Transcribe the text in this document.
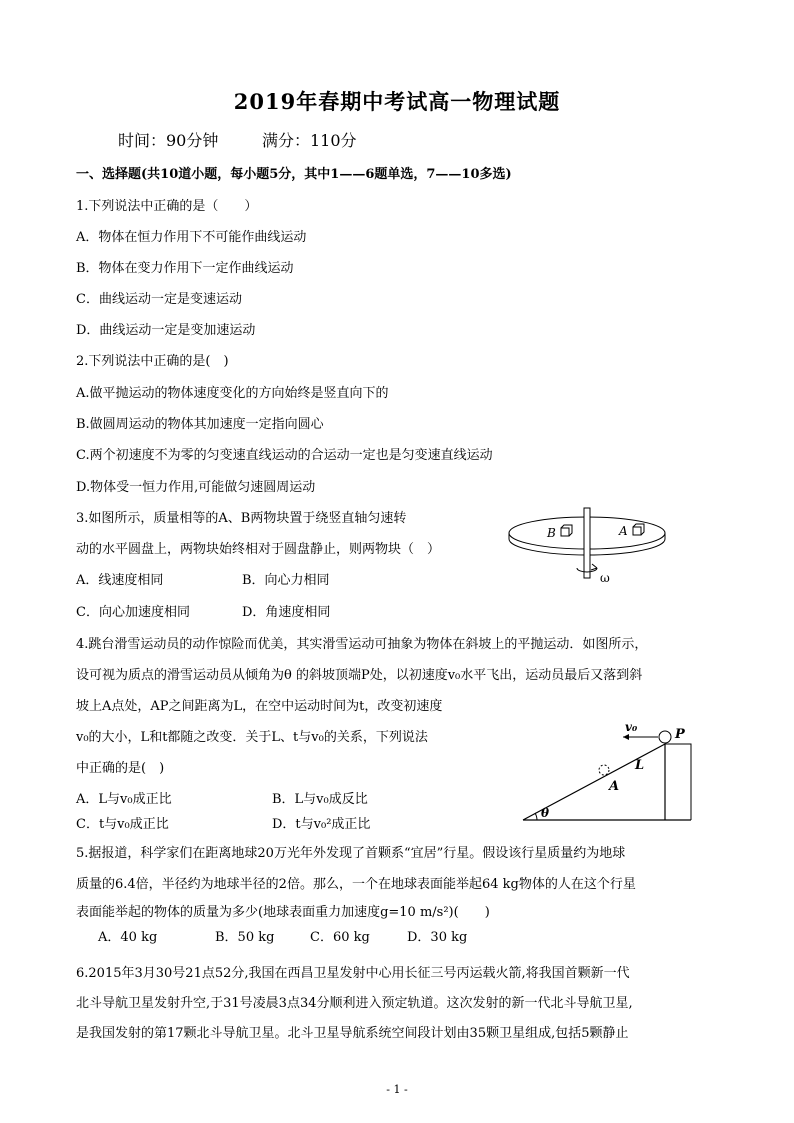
2019年春期中考试高一物理试题
时间：90分钟	满分：110分
一、选择题(共10道小题，每小题5分，其中1——6题单选，7——10多选)
1.下列说法中正确的是（　　）
A．物体在恒力作用下不可能作曲线运动
B．物体在变力作用下一定作曲线运动
C．曲线运动一定是变速运动
D．曲线运动一定是变加速运动
2.下列说法中正确的是(　)
A.做平抛运动的物体速度变化的方向始终是竖直向下的
B.做圆周运动的物体其加速度一定指向圆心
C.两个初速度不为零的匀变速直线运动的合运动一定也是匀变速直线运动
D.物体受一恒力作用,可能做匀速圆周运动
3.如图所示，质量相等的A、B两物块置于绕竖直轴匀速转
动的水平圆盘上，两物块始终相对于圆盘静止，则两物块（　）
A．线速度相同	B．向心力相同
C．向心加速度相同	D．角速度相同
B	A
ω
4.跳台滑雪运动员的动作惊险而优美，其实滑雪运动可抽象为物体在斜坡上的平抛运动．如图所示，
设可视为质点的滑雪运动员从倾角为θ 的斜坡顶端P处，以初速度v₀水平飞出，运动员最后又落到斜
坡上A点处，AP之间距离为L，在空中运动时间为t，改变初速度
v₀的大小，L和t都随之改变．关于L、t与v₀的关系，下列说法
中正确的是(　)
A．L与v₀成正比	B．L与v₀成反比
C．t与v₀成正比	D．t与v₀²成正比
θ
v₀	P
A
L
5.据报道，科学家们在距离地球20万光年外发现了首颗系“宜居”行星。假设该行星质量约为地球
质量的6.4倍，半径约为地球半径的2倍。那么，一个在地球表面能举起64 kg物体的人在这个行星
表面能举起的物体的质量为多少(地球表面重力加速度g=10 m/s²)(　　)
A．40 kg	B．50 kg	C．60 kg	D．30 kg
6.2015年3月30号21点52分,我国在西昌卫星发射中心用长征三号丙运载火箭,将我国首颗新一代
北斗导航卫星发射升空,于31号凌晨3点34分顺利进入预定轨道。这次发射的新一代北斗导航卫星,
是我国发射的第17颗北斗导航卫星。北斗卫星导航系统空间段计划由35颗卫星组成,包括5颗静止
- 1 -
